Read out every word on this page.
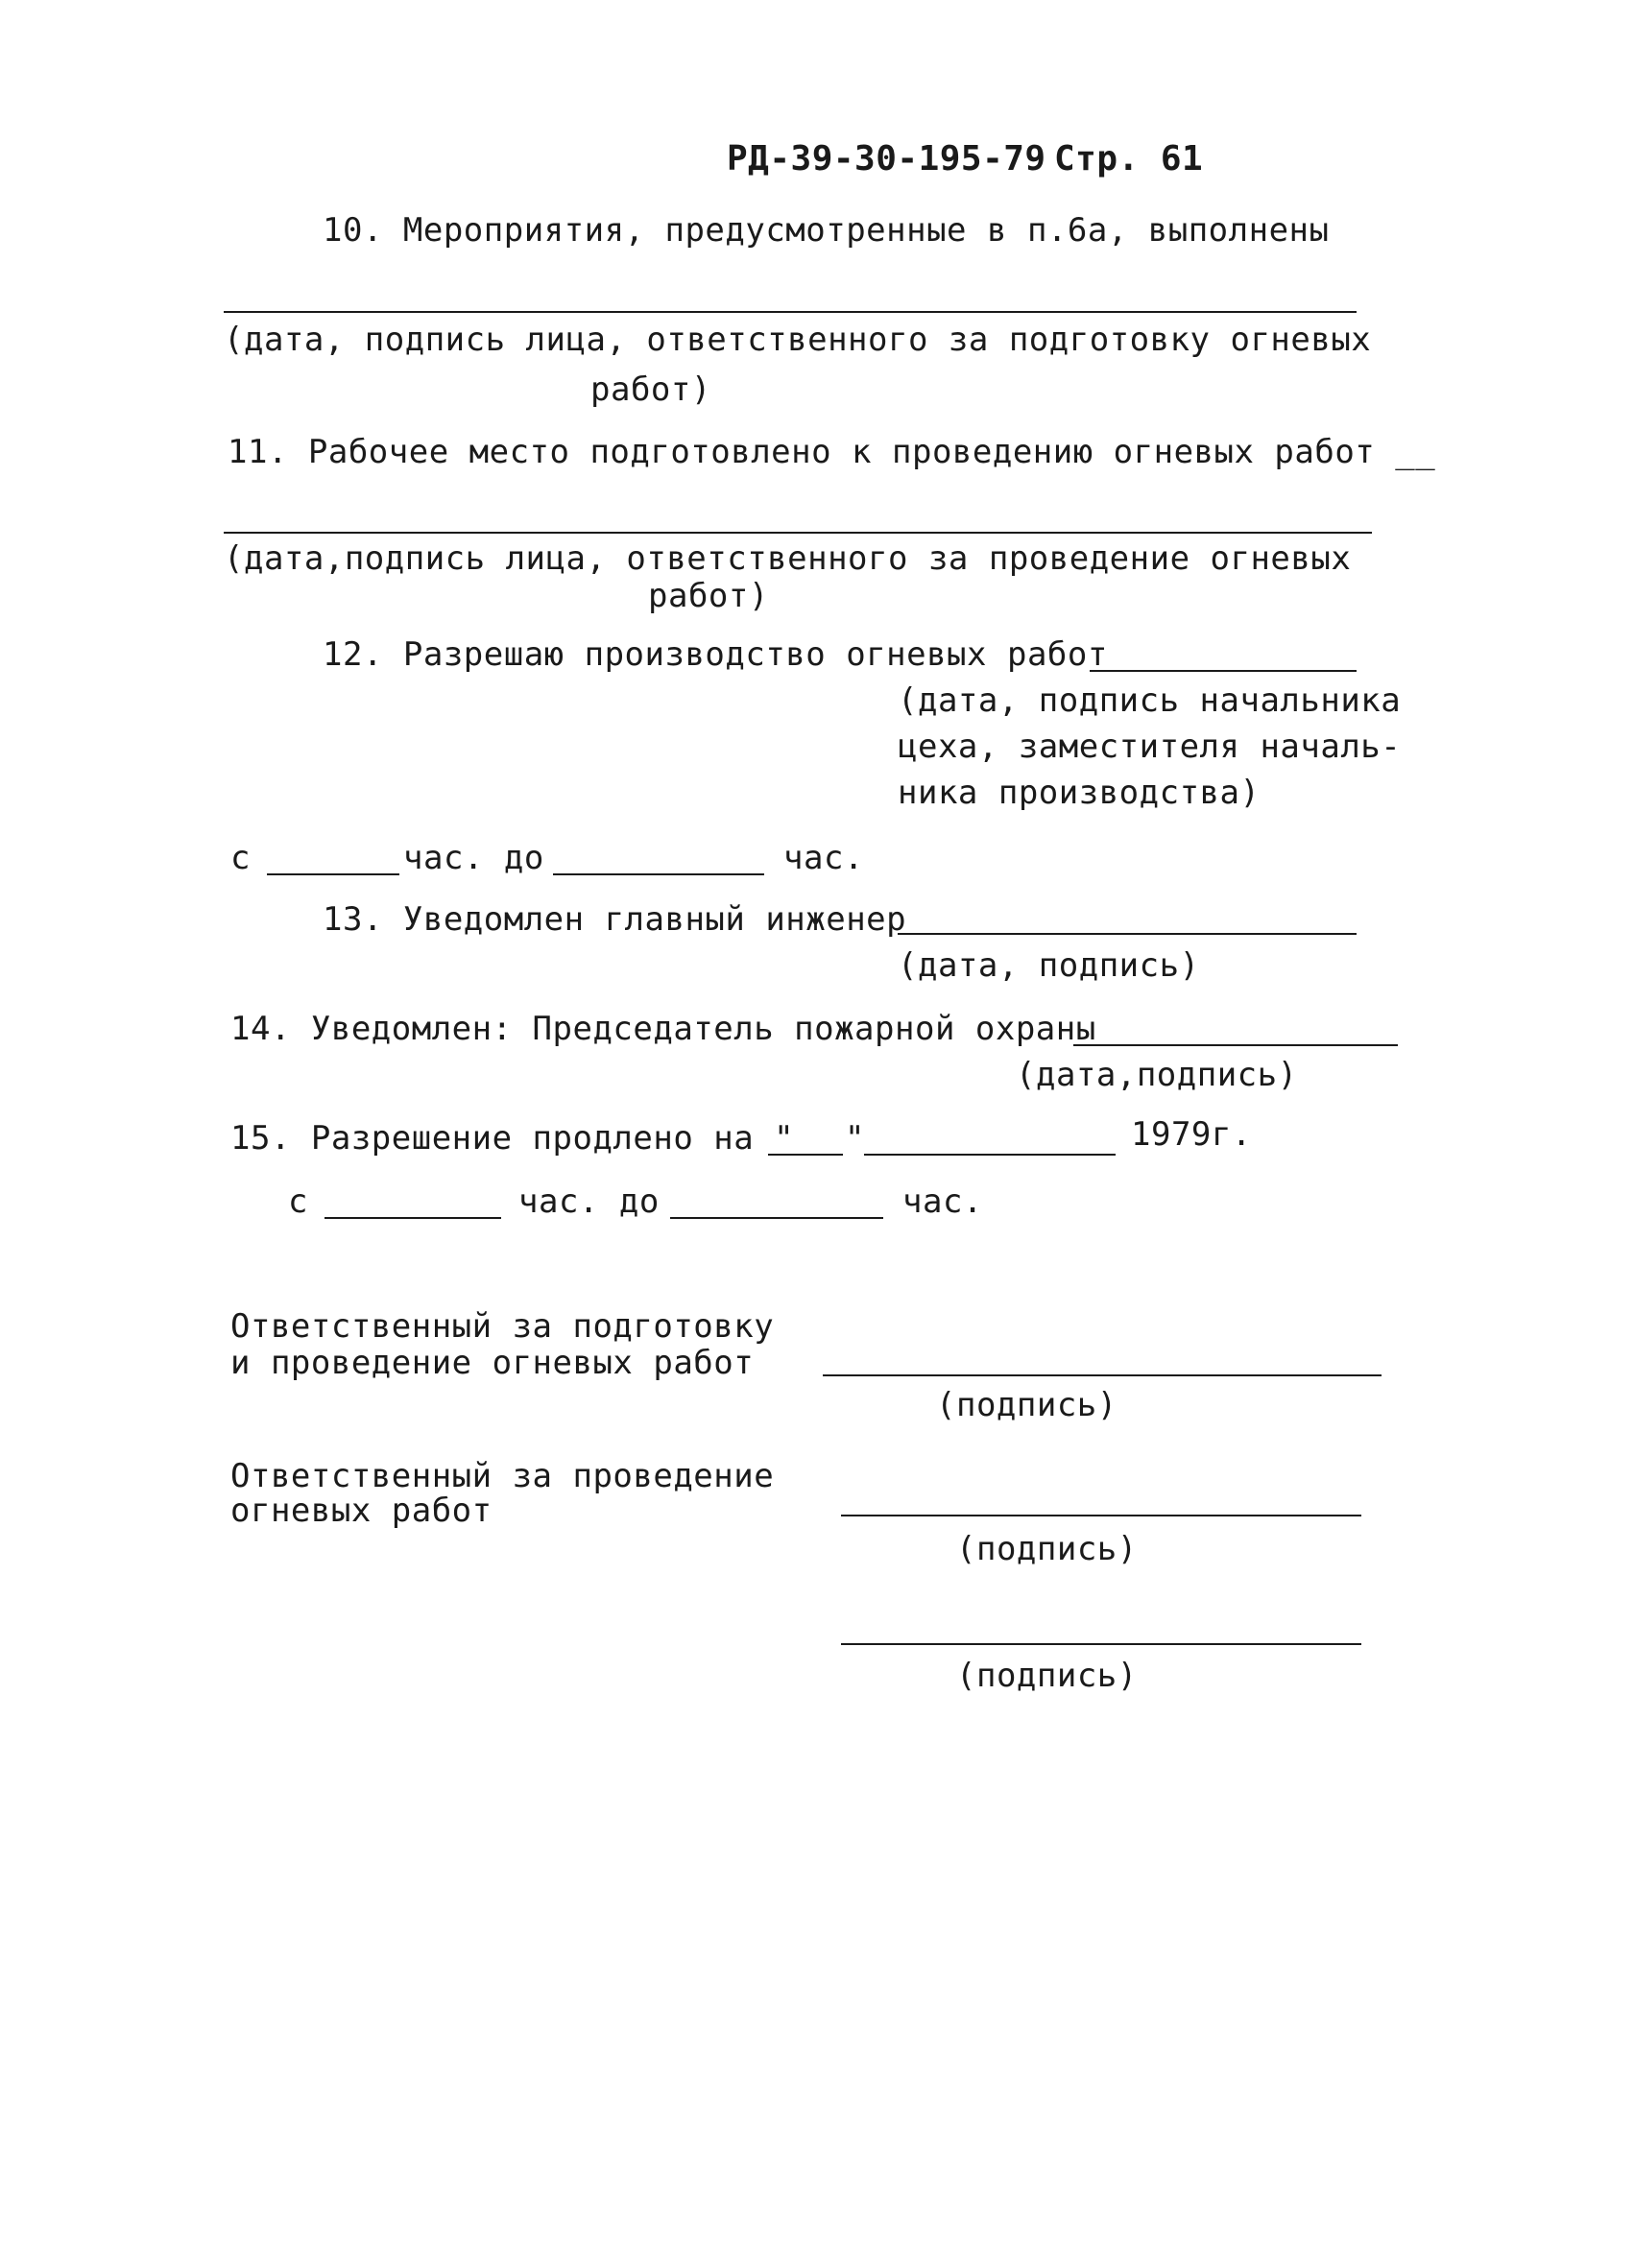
РД-39-30-195-79 Стр. 61
10. Мероприятия, предусмотренные в п.6а, выполнены
(дата, подпись лица, ответственного за подготовку огневых
работ)
11. Рабочее место подготовлено к проведению огневых работ __
(дата,подпись лица, ответственного за проведение огневых
работ)
12. Разрешаю производство огневых работ
(дата, подпись начальника
цеха, заместителя началь-
ника производства)
с	час. до	час.
13. Уведомлен главный инженер
(дата, подпись)
14. Уведомлен: Председатель пожарной охраны
(дата,подпись)
15. Разрешение продлено на " "	1979г.
с	час. до	час.
Ответственный за подготовку
и проведение огневых работ
(подпись)
Ответственный за проведение
огневых работ
(подпись)
(подпись)
